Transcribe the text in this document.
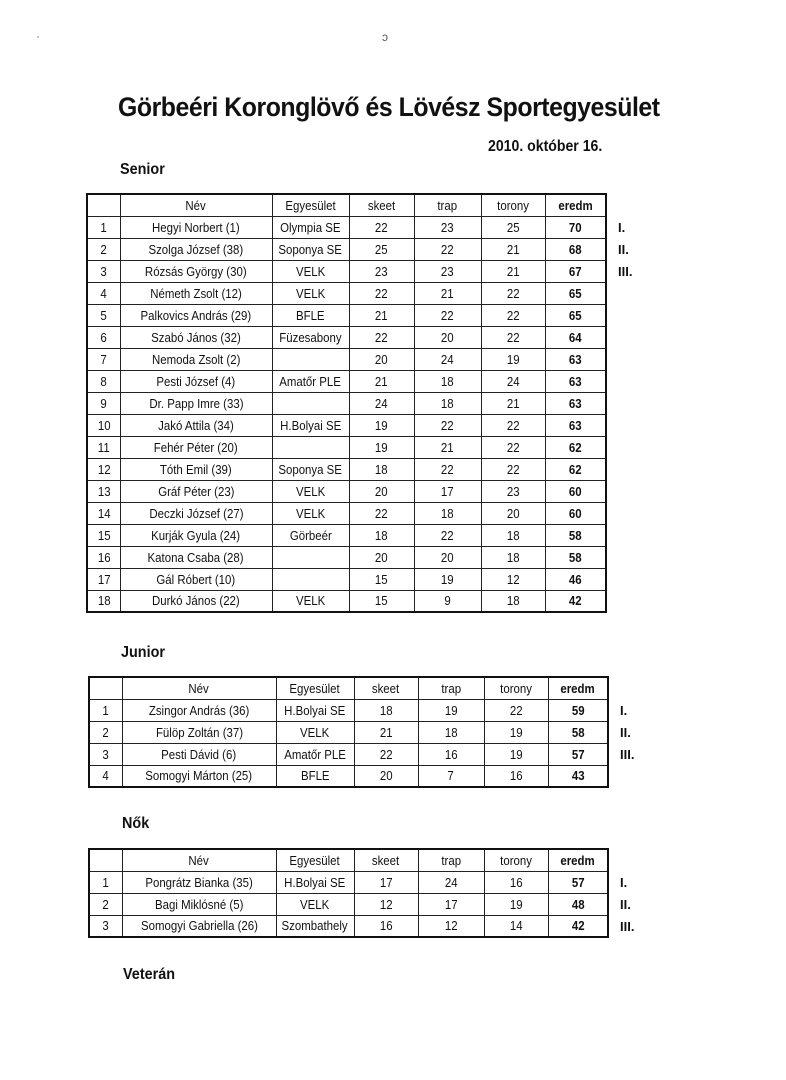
ˈ	ͻ
Görbeéri Koronglövő és Lövész Sportegyesület
2010. október 16.
Senior
	Név	Egyesület	skeet	trap	torony	eredm
1	Hegyi Norbert (1)	Olympia SE	22	23	25	70
2	Szolga József (38)	Soponya SE	25	22	21	68
3	Rózsás György (30)	VELK	23	23	21	67
4	Németh Zsolt (12)	VELK	22	21	22	65
5	Palkovics András (29)	BFLE	21	22	22	65
6	Szabó János (32)	Füzesabony	22	20	22	64
7	Nemoda Zsolt (2)		20	24	19	63
8	Pesti József (4)	Amatőr PLE	21	18	24	63
9	Dr. Papp Imre (33)		24	18	21	63
10	Jakó Attila (34)	H.Bolyai SE	19	22	22	63
11	Fehér Péter (20)		19	21	22	62
12	Tóth Emil (39)	Soponya SE	18	22	22	62
13	Gráf Péter (23)	VELK	20	17	23	60
14	Deczki József (27)	VELK	22	18	20	60
15	Kurják Gyula (24)	Görbeér	18	22	18	58
16	Katona Csaba (28)		20	20	18	58
17	Gál Róbert (10)		15	19	12	46
18	Durkó János (22)	VELK	15	9	18	42
I.
II.
III.
Junior
	Név	Egyesület	skeet	trap	torony	eredm
1	Zsingor András (36)	H.Bolyai SE	18	19	22	59
2	Fülöp Zoltán (37)	VELK	21	18	19	58
3	Pesti Dávid (6)	Amatőr PLE	22	16	19	57
4	Somogyi Márton (25)	BFLE	20	7	16	43
I.
II.
III.
Nők
	Név	Egyesület	skeet	trap	torony	eredm
1	Pongrátz Bianka (35)	H.Bolyai SE	17	24	16	57
2	Bagi Miklósné (5)	VELK	12	17	19	48
3	Somogyi Gabriella (26)	Szombathely	16	12	14	42
I.
II.
III.
Veterán
